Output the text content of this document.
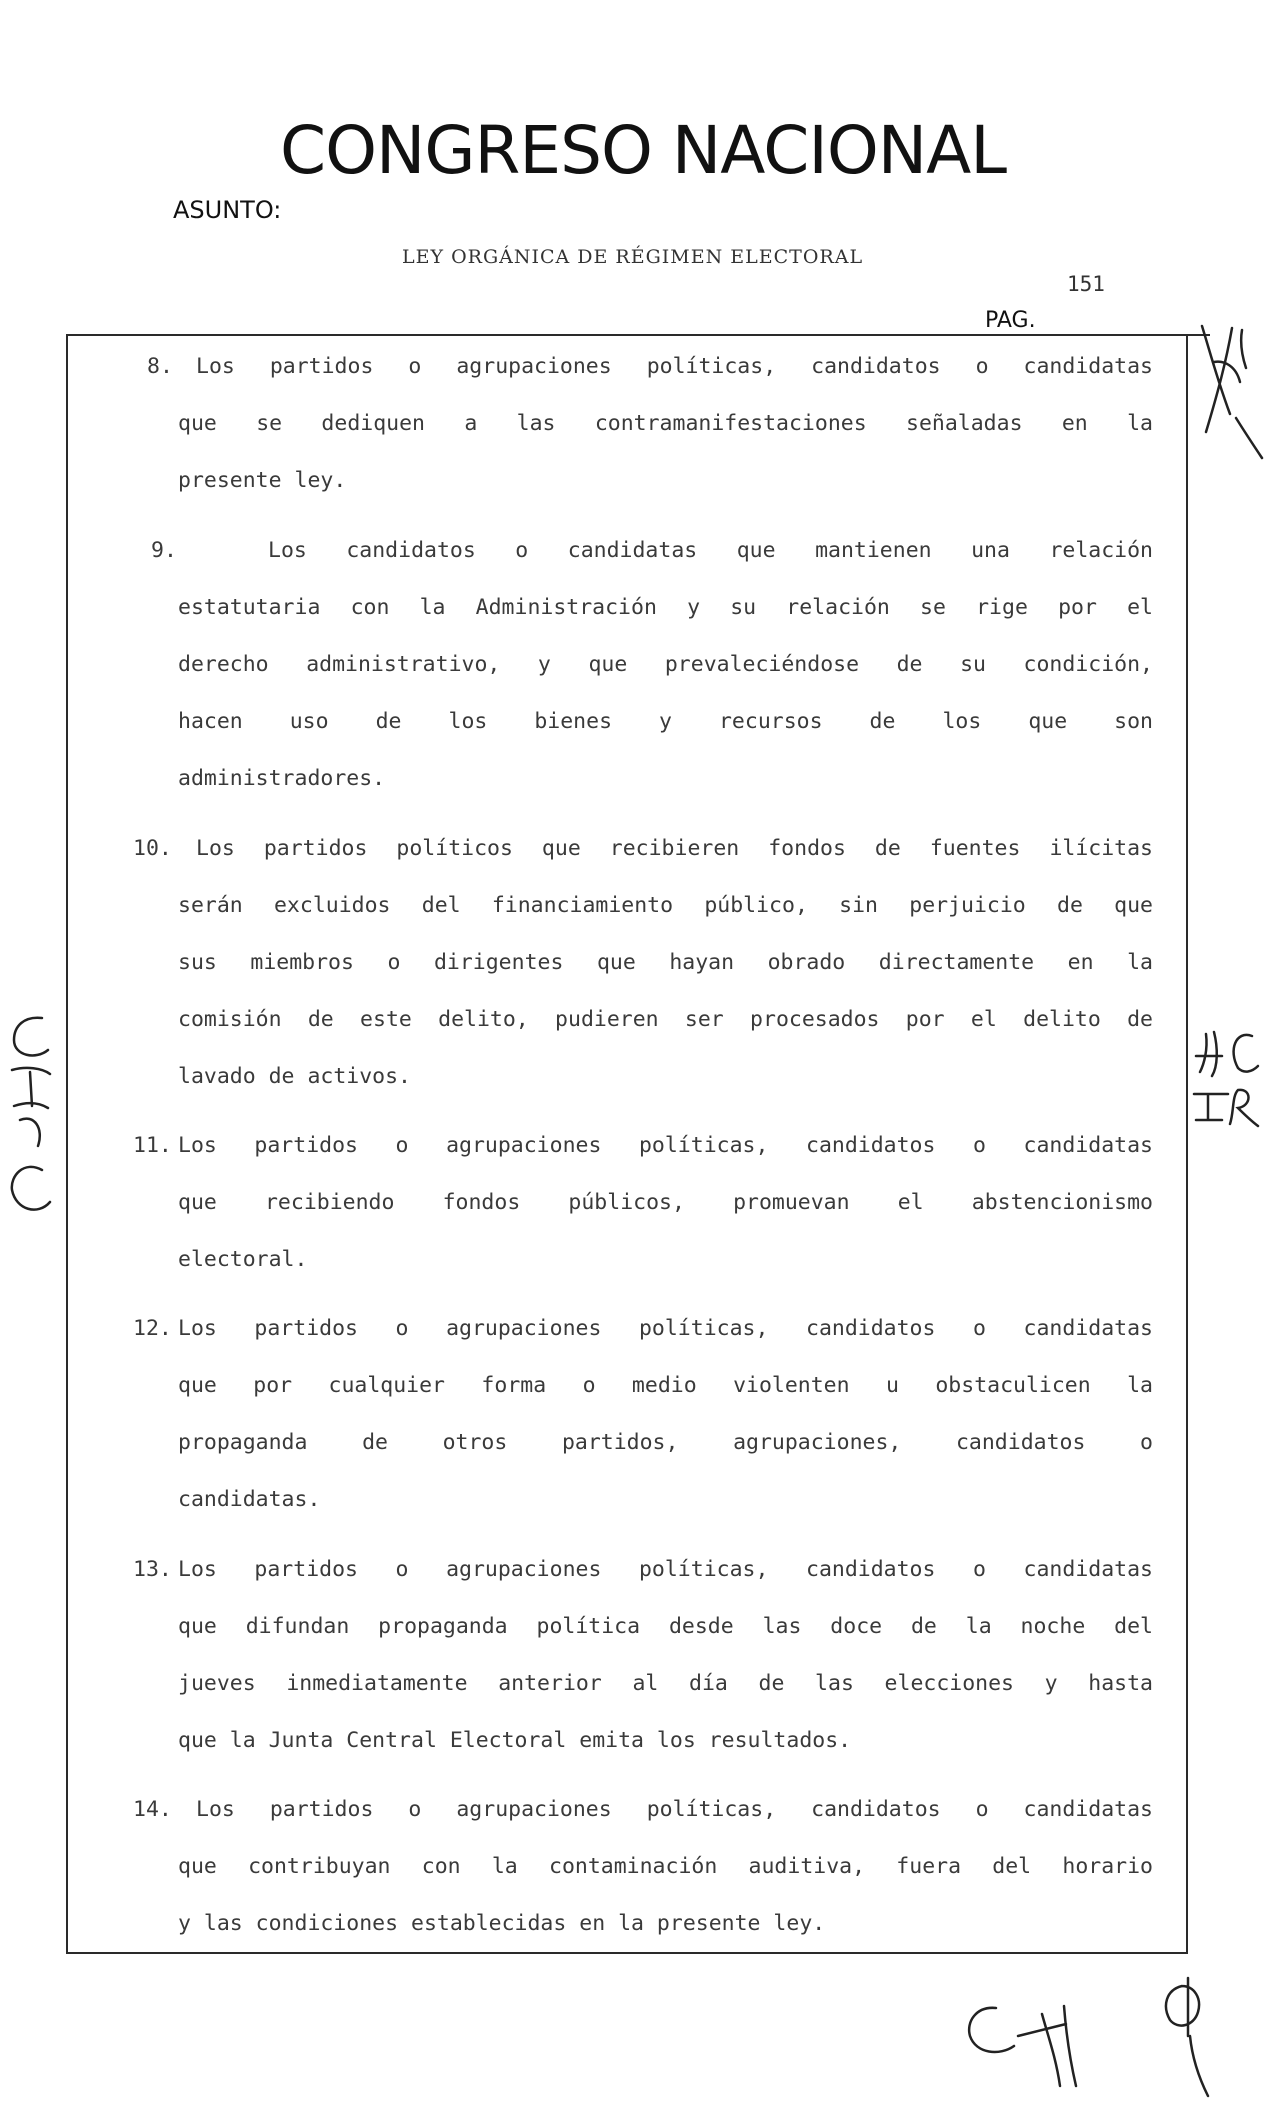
CONGRESO NACIONAL
ASUNTO:
LEY ORGÁNICA DE RÉGIMEN ELECTORAL
151
PAG.
8. Los partidos o agrupaciones políticas, candidatos o candidatas
que se dediquen a las contramanifestaciones señaladas en la
presente ley.
9.	Los candidatos o candidatas que mantienen una relación
estatutaria con la Administración y su relación se rige por el
derecho administrativo, y que prevaleciéndose de su condición,
hacen uso de los bienes y recursos de los que son
administradores.
10. Los partidos políticos que recibieren fondos de fuentes ilícitas
serán excluidos del financiamiento público, sin perjuicio de que
sus miembros o dirigentes que hayan obrado directamente en la
comisión de este delito, pudieren ser procesados por el delito de
lavado de activos.
11. Los partidos o agrupaciones políticas, candidatos o candidatas
que recibiendo fondos públicos, promuevan el abstencionismo
electoral.
12. Los partidos o agrupaciones políticas, candidatos o candidatas
que por cualquier forma o medio violenten u obstaculicen la
propaganda de otros partidos, agrupaciones, candidatos o
candidatas.
13. Los partidos o agrupaciones políticas, candidatos o candidatas
que difundan propaganda política desde las doce de la noche del
jueves inmediatamente anterior al día de las elecciones y hasta
que la Junta Central Electoral emita los resultados.
14. Los partidos o agrupaciones políticas, candidatos o candidatas
que contribuyan con la contaminación auditiva, fuera del horario
y las condiciones establecidas en la presente ley.
